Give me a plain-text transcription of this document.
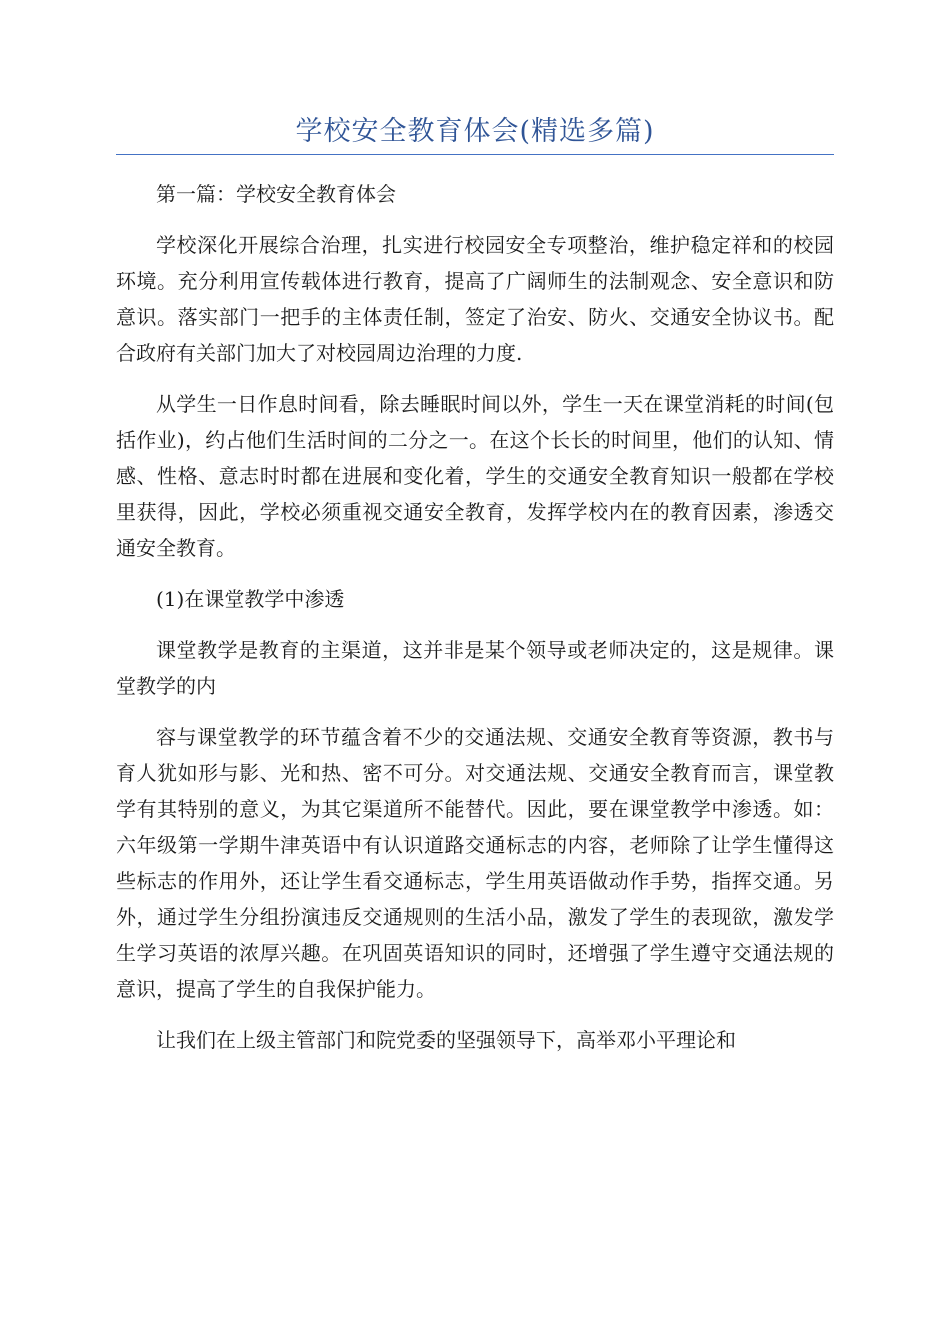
学校安全教育体会(精选多篇)

第一篇：学校安全教育体会

学校深化开展综合治理，扎实进行校园安全专项整治，维护稳定祥和的校园环境。充分利用宣传载体进行教育，提高了广阔师生的法制观念、安全意识和防意识。落实部门一把手的主体责任制，签定了治安、防火、交通安全协议书。配合政府有关部门加大了对校园周边治理的力度.

从学生一日作息时间看，除去睡眠时间以外，学生一天在课堂消耗的时间(包括作业)，约占他们生活时间的二分之一。在这个长长的时间里，他们的认知、情感、性格、意志时时都在进展和变化着，学生的交通安全教育知识一般都在学校里获得，因此，学校必须重视交通安全教育，发挥学校内在的教育因素，渗透交通安全教育。

(1)在课堂教学中渗透

课堂教学是教育的主渠道，这并非是某个领导或老师决定的，这是规律。课堂教学的内

容与课堂教学的环节蕴含着不少的交通法规、交通安全教育等资源，教书与育人犹如形与影、光和热、密不可分。对交通法规、交通安全教育而言，课堂教学有其特别的意义，为其它渠道所不能替代。因此，要在课堂教学中渗透。如：六年级第一学期牛津英语中有认识道路交通标志的内容，老师除了让学生懂得这些标志的作用外，还让学生看交通标志，学生用英语做动作手势，指挥交通。另外，通过学生分组扮演违反交通规则的生活小品，激发了学生的表现欲，激发学生学习英语的浓厚兴趣。在巩固英语知识的同时，还增强了学生遵守交通法规的意识，提高了学生的自我保护能力。

让我们在上级主管部门和院党委的坚强领导下，高举邓小平理论和
